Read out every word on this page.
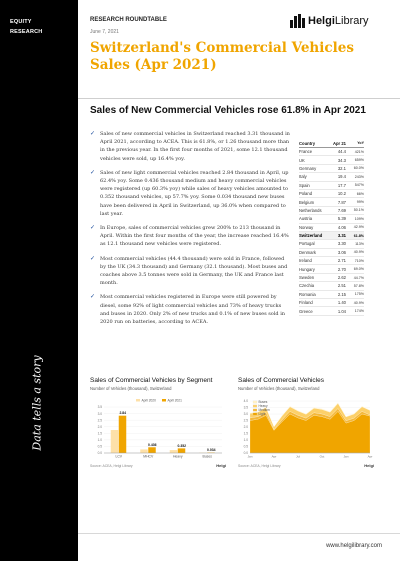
EQUITY
RESEARCH
Data tells a story
RESEARCH ROUNDTABLE
June 7, 2021
HelgiLibrary
Switzerland's Commercial Vehicles Sales (Apr 2021)
Sales of New Commercial Vehicles rose 61.8% in Apr 2021
✓ Sales of new commercial vehicles in Switzerland reached 3.31 thousand in April 2021, according to ACEA. This is 61.8%, or 1.26 thousand more than in the previous year. In the first four months of 2021, some 12.1 thousand vehicles were sold, up 16.4% yoy.
✓ Sales of new light commercial vehicles reached 2.84 thousand in April, up 62.4% yoy. Some 0.436 thousand medium and heavy commercial vehicles were registered (up 60.3% yoy) while sales of heavy vehicles amounted to 0.352 thousand vehicles, up 57.7% yoy. Some 0.034 thousand new buses have been delivered in April in Switzerland, up 36.0% when compared to last year.
✓ In Europe, sales of commercial vehicles grew 200% to 213 thousand in April. Within the first four months of the year, the increase reached 16.4% as 12.1 thousand new vehicles were registered.
✓ Most commercial vehicles (44.4 thousand) were sold in France, followed by the UK (34.3 thousand) and Germany (32.1 thousand). Most buses and coaches above 3.5 tonnes were sold in Germany, the UK and France last month.
✓ Most commercial vehicles registered in Europe were still powered by diesel, some 92% of light commercial vehicles and 73% of heavy trucks and buses in 2020. Only 2% of new trucks and 0.1% of new buses sold in 2020 run on batteries, according to ACEA.
Country	Apr 21	YoY
France	44.4	421%
UK	34.3	659%
Germany	32.1	60.0%
Italy	19.4	243%
Spain	17.7	547%
Poland	10.2	66%
Belgium	7.87	99%
Netherlands	7.69	50.1%
Austria	5.39	109%
Norway	4.06	42.9%
Switzerland	3.31	61.8%
Portugal	3.30	113%
Denmark	3.06	40.9%
Ireland	2.71	710%
Hungary	2.70	69.0%
Sweden	2.62	44.7%
Czechia	2.51	57.8%
Romania	2.15	175%
Finland	1.40	40.9%
Greece	1.04	174%
Sales of Commercial Vehicles by Segment
Number of Vehicles (thousand), Switzerland
0.0
0.5
1.0
1.5
2.0
2.5
3.0
3.5
April 2020	April 2021
2.84
LCV
0.436
MHCV
0.352
Heavy
0.034
Buses
Source: ACEA, Helgi Library	Helgi
Sales of Commercial Vehicles
Number of Vehicles (thousand), Switzerland
0.0
0.5
1.0
1.5
2.0
2.5
3.0
3.5
4.0	Buses
Heavy
Medium
Light
Jan	Apr	Jul	Oct	Jan	Apr
Source: ACEA, Helgi Library	Helgi
www.helgilibrary.com
